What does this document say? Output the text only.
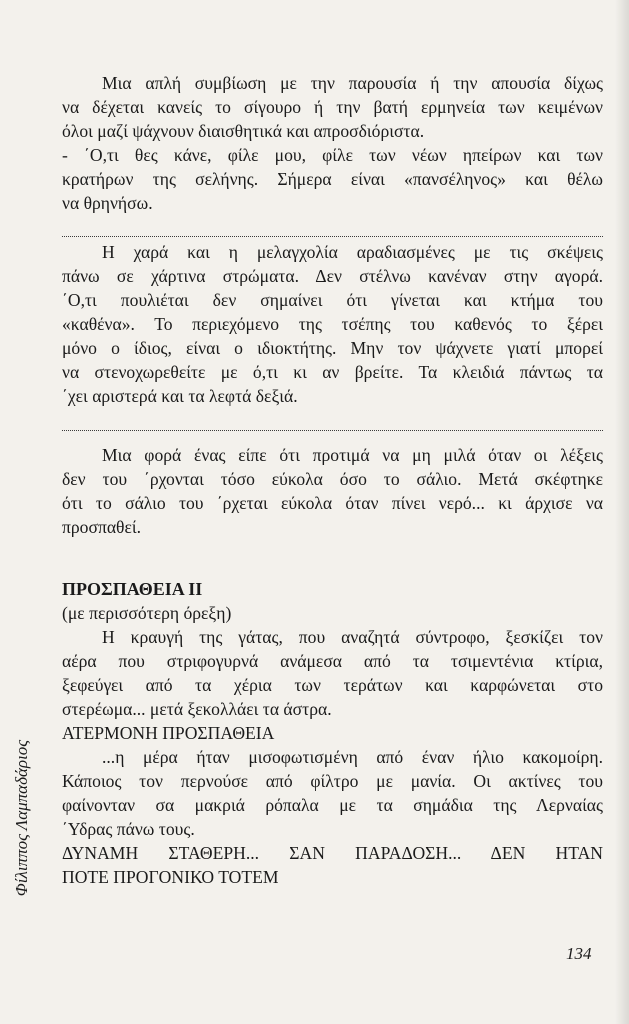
Μια απλή συμβίωση με την παρουσία ή την απουσία δίχως
να δέχεται κανείς το σίγουρο ή την βατή ερμηνεία των κειμένων
όλοι μαζί ψάχνουν διαισθητικά και απροσδιόριστα.
- ΄Ο,τι θες κάνε, φίλε μου, φίλε των νέων ηπείρων και των
κρατήρων της σελήνης. Σήμερα είναι «πανσέληνος» και θέλω
να θρηνήσω.
Η χαρά και η μελαγχολία αραδιασμένες με τις σκέψεις
πάνω σε χάρτινα στρώματα. Δεν στέλνω κανέναν στην αγορά.
΄Ο,τι πουλιέται δεν σημαίνει ότι γίνεται και κτήμα του
«καθένα». Το περιεχόμενο της τσέπης του καθενός το ξέρει
μόνο ο ίδιος, είναι ο ιδιοκτήτης. Μην τον ψάχνετε γιατί μπορεί
να στενοχωρεθείτε με ό,τι κι αν βρείτε. Τα κλειδιά πάντως τα
΄χει αριστερά και τα λεφτά δεξιά.
Μια φορά ένας είπε ότι προτιμά να μη μιλά όταν οι λέξεις
δεν του ΄ρχονται τόσο εύκολα όσο το σάλιο. Μετά σκέφτηκε
ότι το σάλιο του ΄ρχεται εύκολα όταν πίνει νερό... κι άρχισε να
προσπαθεί.
ΠΡΟΣΠΑΘΕΙΑ ΙΙ
(με περισσότερη όρεξη)
Η κραυγή της γάτας, που αναζητά σύντροφο, ξεσκίζει τον
αέρα που στριφογυρνά ανάμεσα από τα τσιμεντένια κτίρια,
ξεφεύγει από τα χέρια των τεράτων και καρφώνεται στο
στερέωμα... μετά ξεκολλάει τα άστρα.
ΑΤΕΡΜΟΝΗ ΠΡΟΣΠΑΘΕΙΑ
...η μέρα ήταν μισοφωτισμένη από έναν ήλιο κακομοίρη.
Κάποιος τον περνούσε από φίλτρο με μανία. Οι ακτίνες του
φαίνονταν σα μακριά ρόπαλα με τα σημάδια της Λερναίας
΄Υδρας πάνω τους.
ΔΥΝΑΜΗ ΣΤΑΘΕΡΗ... ΣΑΝ ΠΑΡΑΔΟΣΗ... ΔΕΝ ΗΤΑΝ
ΠΟΤΕ ΠΡΟΓΟΝΙΚΟ ΤΟΤΕΜ
Φίλιππος Λαμπαδάριος
134
